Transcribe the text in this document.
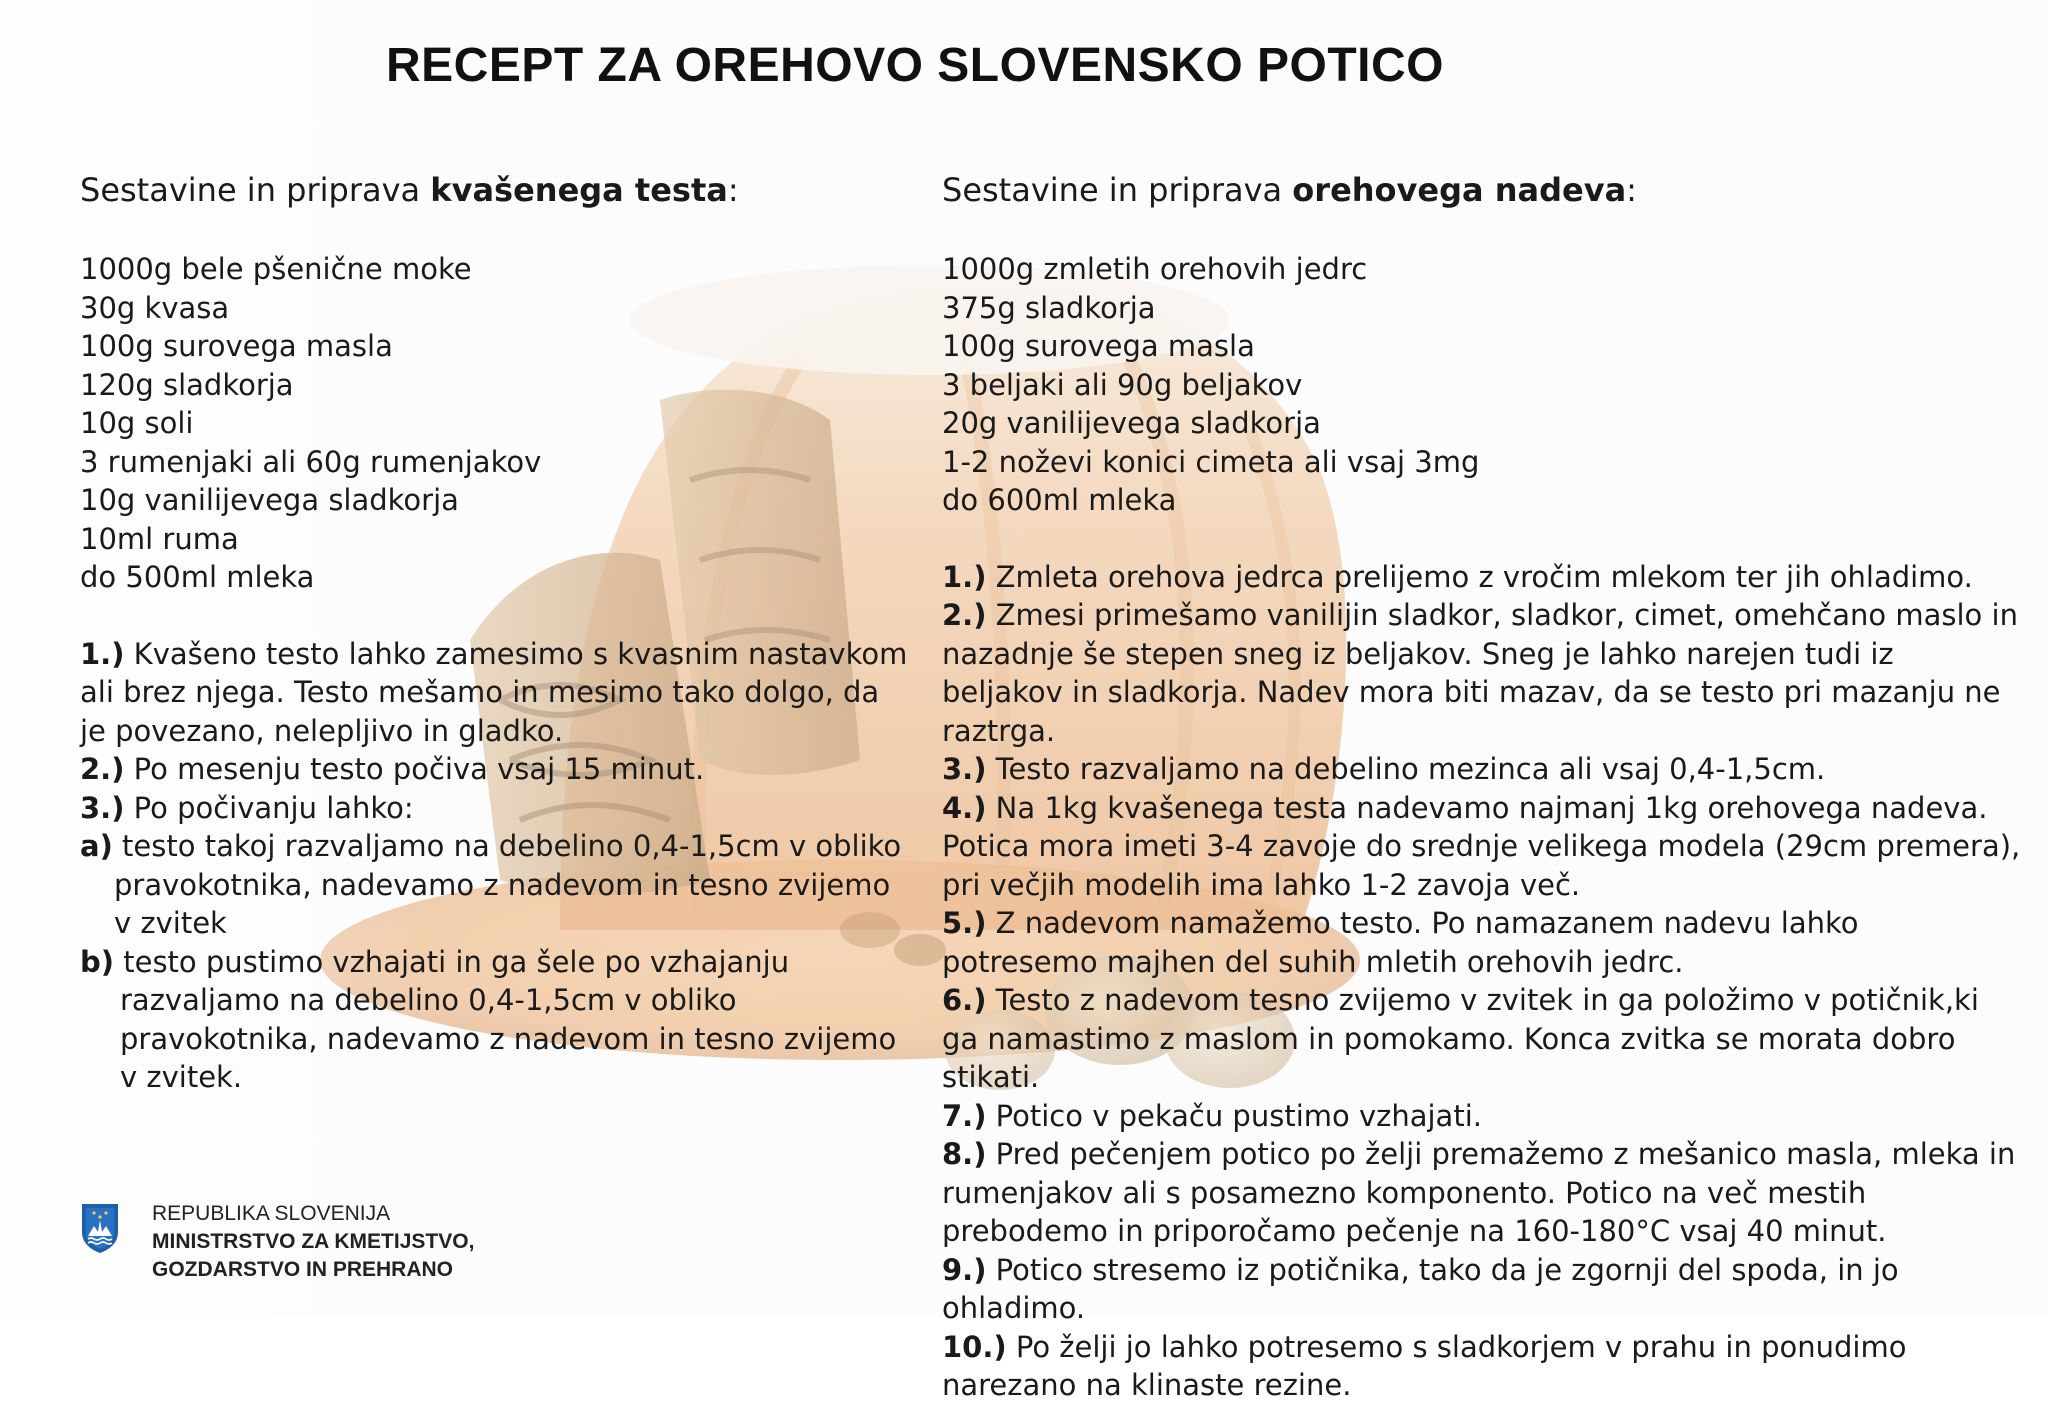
RECEPT ZA OREHOVO SLOVENSKO POTICO
Sestavine in priprava kvašenega testa:
1000g bele pšenične moke
30g kvasa
100g surovega masla
120g sladkorja
10g soli
3 rumenjaki ali 60g rumenjakov
10g vanilijevega sladkorja
10ml ruma
do 500ml mleka

1.) Kvašeno testo lahko zamesimo s kvasnim nastavkom ali brez njega. Testo mešamo in mesimo tako dolgo, da je povezano, neleplјivo in gladko.

2.) Po mesenju testo počiva vsaj 15 minut.

3.) Po počivanju lahko:

a) testo takoj razvaljamo na debelino 0,4-1,5cm v obliko pravokotnika, nadevamo z nadevom in tesno zvijemo v zvitek

b) testo pustimo vzhajati in ga šele po vzhajanju razvaljamo na debelino 0,4-1,5cm v obliko pravokotnika, nadevamo z nadevom in tesno zvijemo v zvitek.

Sestavine in priprava orehovega nadeva:
1000g zmletih orehovih jedrc
375g sladkorja
100g surovega masla
3 beljaki ali 90g beljakov
20g vanilijevega sladkorja
1-2 noževi konici cimeta ali vsaj 3mg
do 600ml mleka

1.) Zmleta orehova jedrca prelijemo z vročim mlekom ter jih ohladimo.

2.) Zmesi primešamo vanilijin sladkor, sladkor, cimet, omehčano maslo in nazadnje še stepen sneg iz beljakov. Sneg je lahko narejen tudi iz beljakov in sladkorja. Nadev mora biti mazav, da se testo pri mazanju ne raztrga.

3.) Testo razvaljamo na debelino mezinca ali vsaj 0,4-1,5cm.

4.) Na 1kg kvašenega testa nadevamo najmanj 1kg orehovega nadeva. Potica mora imeti 3-4 zavoje do srednje velikega modela (29cm premera), pri večjih modelih ima lahko 1-2 zavoja več.

5.) Z nadevom namažemo testo. Po namazanem nadevu lahko potresemo majhen del suhih mletih orehovih jedrc.

6.) Testo z nadevom tesno zvijemo v zvitek in ga položimo v potičnik,ki ga namastimo z maslom in pomokamo. Konca zvitka se morata dobro stikati.

7.) Potico v pekaču pustimo vzhajati.

8.) Pred pečenjem potico po želji premažemo z mešanico masla, mleka in rumenjakov ali s posamezno komponento. Potico na več mestih prebodemo in priporočamo pečenje na 160-180°C vsaj 40 minut.

9.) Potico stresemo iz potičnika, tako da je zgornji del spoda, in jo ohladimo.

10.) Po želji jo lahko potresemo s sladkorjem v prahu in ponudimo narezano na klinaste rezine.

REPUBLIKA SLOVENIJA
MINISTRSTVO ZA KMETIJSTVO,
GOZDARSTVO IN PREHRANO
